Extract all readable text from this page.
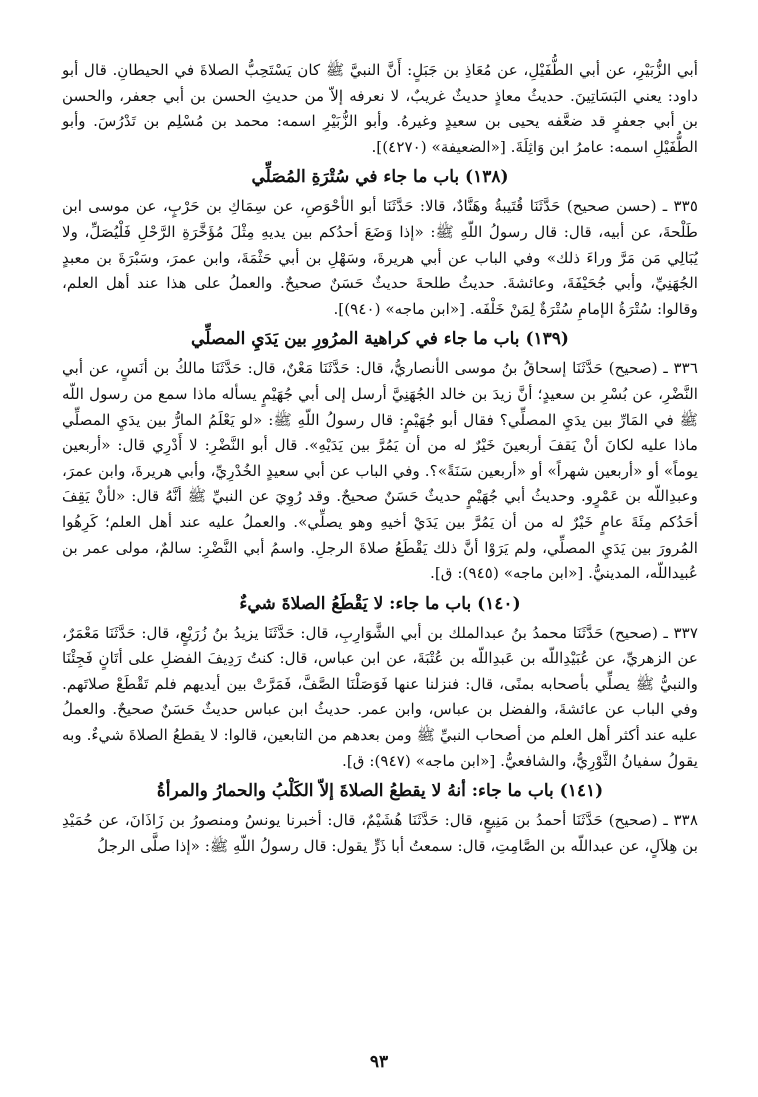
أبي الزُّبَيْرِ، عن أبي الطُّفَيْلِ، عن مُعَاذِ بن جَبَلٍ: أَنَّ النبيَّ ﷺ كان يَسْتَحِبُّ الصلاةَ في الحيطانِ. قال أبو داود: يعني البَسَاتِينَ. حديثُ معاذٍ حديثٌ غريبٌ، لا نعرفه إلاّ من حديثِ الحسن بن أبي جعفر، والحسن بن أبي جعفرٍ قد ضعَّفه يحيى بن سعيدٍ وغيرهُ. وأبو الزُّبَيْرِ اسمه: محمد بن مُسْلِم بن تَدْرُسَ. وأبو الطُّفَيْلِ اسمه: عامرُ ابن وَاثِلَةَ. [«الضعيفة» (٤٢٧٠)].

(١٣٨) باب ما جاء في سُتْرَةِ المُصَلِّي

٣٣٥ ـ (حسن صحيح) حَدَّثَنَا قُتَيبةُ وهَنَّادٌ، قالا: حَدَّثَنَا أبو الأحْوَصِ، عن سِمَاكِ بن حَرْبٍ، عن موسى ابن طَلْحةَ، عن أبيه، قال: قال رسولُ اللّهِ ﷺ: «إذا وَضَعَ أحدُكم بين يديهِ مِثْلَ مُؤَخَّرَةِ الرَّحْلِ فَلْيُصَلِّ، ولا يُبَالِي مَن مَرَّ وراءَ ذلك» وفي الباب عن أبي هريرةَ، وسَهْلِ بن أبي حَثْمَةَ، وابن عمرَ، وسَبْرَةَ بن معبدٍ الجُهَنِيِّ، وأبي جُحَيْفَةَ، وعائشةَ. حديثُ طلحةَ حديثٌ حَسَنٌ صحيحٌ. والعملُ على هذا عند أهل العلم، وقالوا: سُتْرَةُ الإمامِ سُتْرَةٌ لِمَنْ خَلْفَه. [«ابن ماجه» (٩٤٠)].

(١٣٩) باب ما جاء في كراهية المرُورِ بين يَدَيِ المصلِّي

٣٣٦ ـ (صحيح) حَدَّثَنَا إسحاقُ بنُ موسى الأنصاريُّ، قال: حَدَّثَنَا مَعْنٌ، قال: حَدَّثَنَا مالكُ بن أنَسٍ، عن أبي النَّضْرِ، عن بُسْرِ بن سعيدٍ؛ أنَّ زيدَ بن خالد الجُهَنِيَّ أرسل إلى أبي جُهَيْمٍ يسأله ماذا سمع من رسول اللّه ﷺ في المَارِّ بين يدَيِ المصلِّي؟ فقال أبو جُهَيْمٍ: قال رسولُ اللّهِ ﷺ: «لو يَعْلَمُ المارُّ بين يدَيِ المصلِّي ماذا عليه لكانَ أنْ يَقفَ أربعينَ خَيْرٌ له من أن يَمُرَّ بين يَدَيْهِ». قال أبو النَّضْرِ: لا أَدْرِي قال: «أربعين يوماً» أو «أربعين شهراً» أو «أربعين سَنَةً»؟. وفي الباب عن أبي سعيدٍ الخُدْرِيِّ، وأبي هريرةَ، وابن عمرَ، وعبدِاللّه بن عَمْرٍو. وحديثُ أبي جُهَيْمٍ حديثٌ حَسَنٌ صحيحٌ. وقد رُوِيَ عن النبيِّ ﷺ أنَّهُ قال: «لأنْ يَقِفَ أحَدُكم مِئَةَ عامٍ خَيْرٌ له من أن يَمُرَّ بين يَدَيْ أخيهِ وهو يصلِّي». والعملُ عليه عند أهل العلم؛ كَرِهُوا المُرورَ بين يَدَيِ المصلِّي، ولم يَرَوْا أنَّ ذلك يَقْطَعُ صلاةَ الرجلِ. واسمُ أبي النَّضْرِ: سالمٌ، مولى عمر بن عُبيداللّه، المدينيُّ. [«ابن ماجه» (٩٤٥): ق].

(١٤٠) باب ما جاء: لا يَقْطَعُ الصلاةَ شيءٌ

٣٣٧ ـ (صحيح) حَدَّثَنَا محمدُ بنُ عبدالملك بن أبي الشَّوَارِبِ، قال: حَدَّثَنَا يزيدُ بنُ زُرَيْعٍ، قال: حَدَّثَنَا مَعْمَرٌ، عن الزهريِّ، عن عُبَيْدِاللّه بن عَبدِاللّه بن عُتْبَةَ، عن ابن عباس، قال: كنتُ رَدِيفَ الفضلِ على أتَانٍ فَجِئْنَا والنبيُّ ﷺ يصلِّي بأصحابه بمنًى، قال: فنزلنا عنها فَوَصَلْنَا الصَّفَّ، فَمَرَّتْ بين أيديهم فلم تَقْطَعْ صلاتَهم. وفي الباب عن عائشةَ، والفضل بن عباس، وابن عمر. حديثُ ابن عباس حديثٌ حَسَنٌ صحيحٌ. والعملُ عليه عند أكثر أهل العلم من أصحاب النبيِّ ﷺ ومن بعدهم من التابعين، قالوا: لا يقطعُ الصلاةَ شيءٌ. وبه يقولُ سفيانُ الثَّوْرِيُّ، والشافعيُّ. [«ابن ماجه» (٩٤٧): ق].

(١٤١) باب ما جاء: أنهُ لا يقطعُ الصلاةَ إلاّ الكَلْبُ والحمارُ والمرأةُ

٣٣٨ ـ (صحيح) حَدَّثَنَا أحمدُ بن مَنِيعٍ، قال: حَدَّثَنَا هُشَيْمٌ، قال: أخبرنا يونسُ ومنصورُ بن زَاذَانَ، عن حُمَيْدِ بن هِلاَلٍ، عن عبداللّه بن الصَّامِتِ، قال: سمعتُ أبا ذَرٍّ يقول: قال رسولُ اللّهِ ﷺ: «إذا صلَّى الرجلُ

٩٣
